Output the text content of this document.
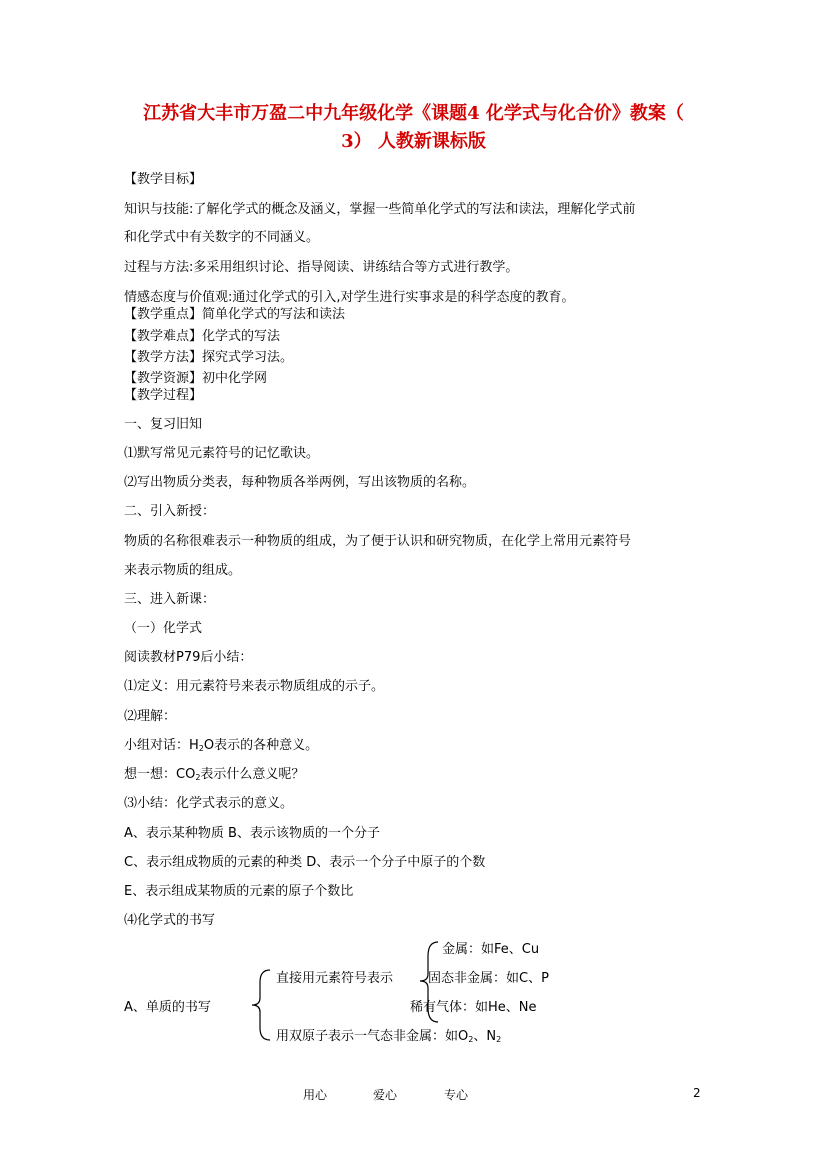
江苏省大丰市万盈二中九年级化学《课题4 化学式与化合价》教案（
3） 人教新课标版
【教学目标】
知识与技能:了解化学式的概念及涵义，掌握一些简单化学式的写法和读法，理解化学式前
和化学式中有关数字的不同涵义。
过程与方法:多采用组织讨论、指导阅读、讲练结合等方式进行教学。
情感态度与价值观:通过化学式的引入,对学生进行实事求是的科学态度的教育。
【教学重点】简单化学式的写法和读法
【教学难点】化学式的写法
【教学方法】探究式学习法。
【教学资源】初中化学网
【教学过程】
一、复习旧知
⑴默写常见元素符号的记忆歌诀。
⑵写出物质分类表，每种物质各举两例，写出该物质的名称。
二、引入新授：
物质的名称很难表示一种物质的组成，为了便于认识和研究物质，在化学上常用元素符号
来表示物质的组成。
三、进入新课：
（一）化学式
阅读教材P79后小结：
⑴定义：用元素符号来表示物质组成的示子。
⑵理解：
小组对话：$H_2O$表示的各种意义。
想一想：$CO_2$表示什么意义呢？
⑶小结：化学式表示的意义。
A、表示某种物质 B、表示该物质的一个分子
C、表示组成物质的元素的种类 D、表示一个分子中原子的个数
E、表示组成某物质的元素的原子个数比
⑷化学式的书写
A、单质的书写
直接用元素符号表示
金属：如Fe、Cu
固态非金属：如C、P
稀有气体：如He、Ne
用双原子表示一气态非金属：如$O_2$、$N_2$
用心	爱心	专心	2
